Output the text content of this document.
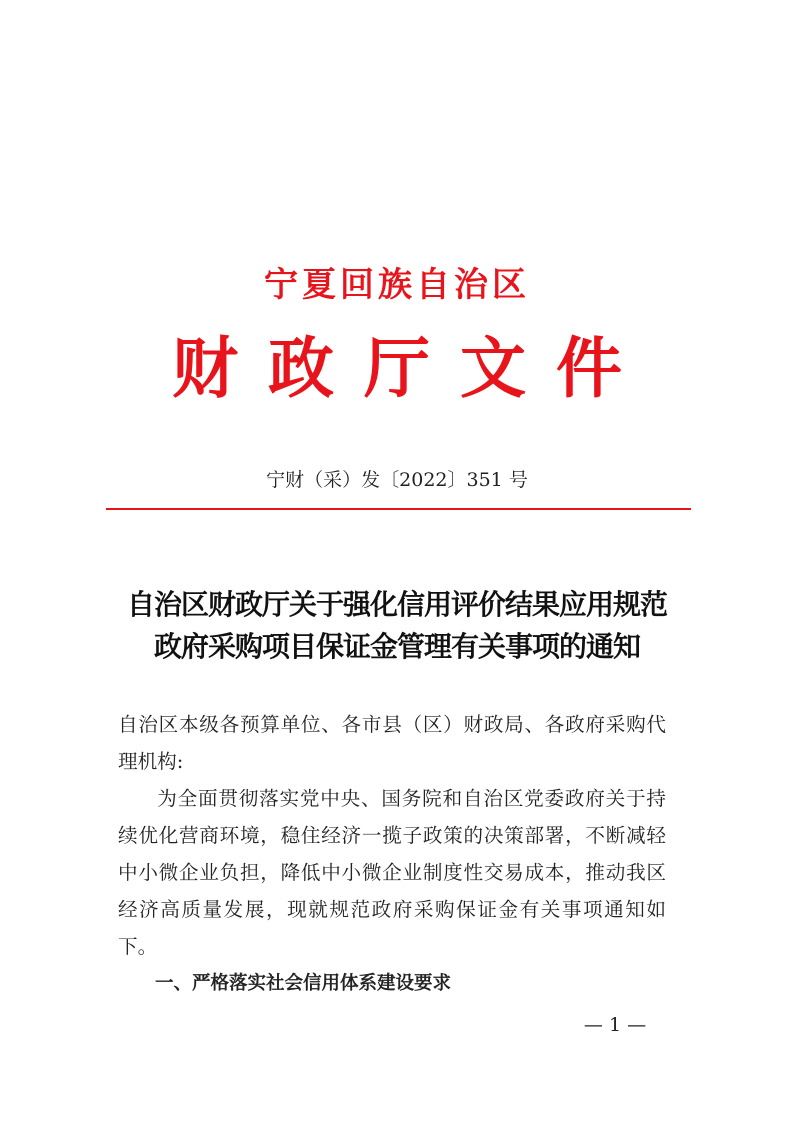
宁夏回族自治区
财政厅文件
宁财（采）发〔2022〕351 号
自治区财政厅关于强化信用评价结果应用规范
政府采购项目保证金管理有关事项的通知

自治区本级各预算单位、各市县（区）财政局、各政府采购代理机构:

为全面贯彻落实党中央、国务院和自治区党委政府关于持续优化营商环境，稳住经济一揽子政策的决策部署，不断减轻中小微企业负担，降低中小微企业制度性交易成本，推动我区经济高质量发展，现就规范政府采购保证金有关事项通知如下。

一、严格落实社会信用体系建设要求

— 1 —
